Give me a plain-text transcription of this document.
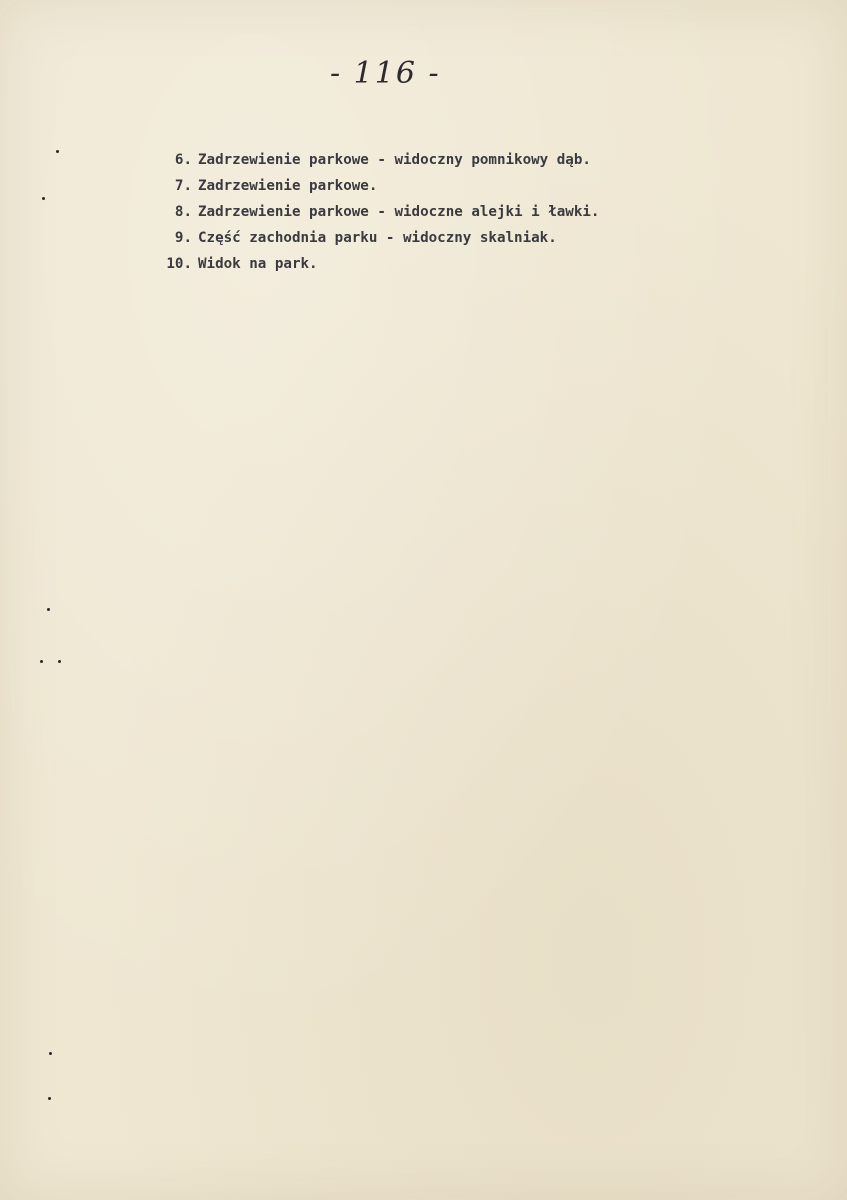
- 116 -
6. Zadrzewienie parkowe - widoczny pomnikowy dąb.
7. Zadrzewienie parkowe.
8. Zadrzewienie parkowe - widoczne alejki i ławki.
9. Część zachodnia parku - widoczny skalniak.
10. Widok na park.
